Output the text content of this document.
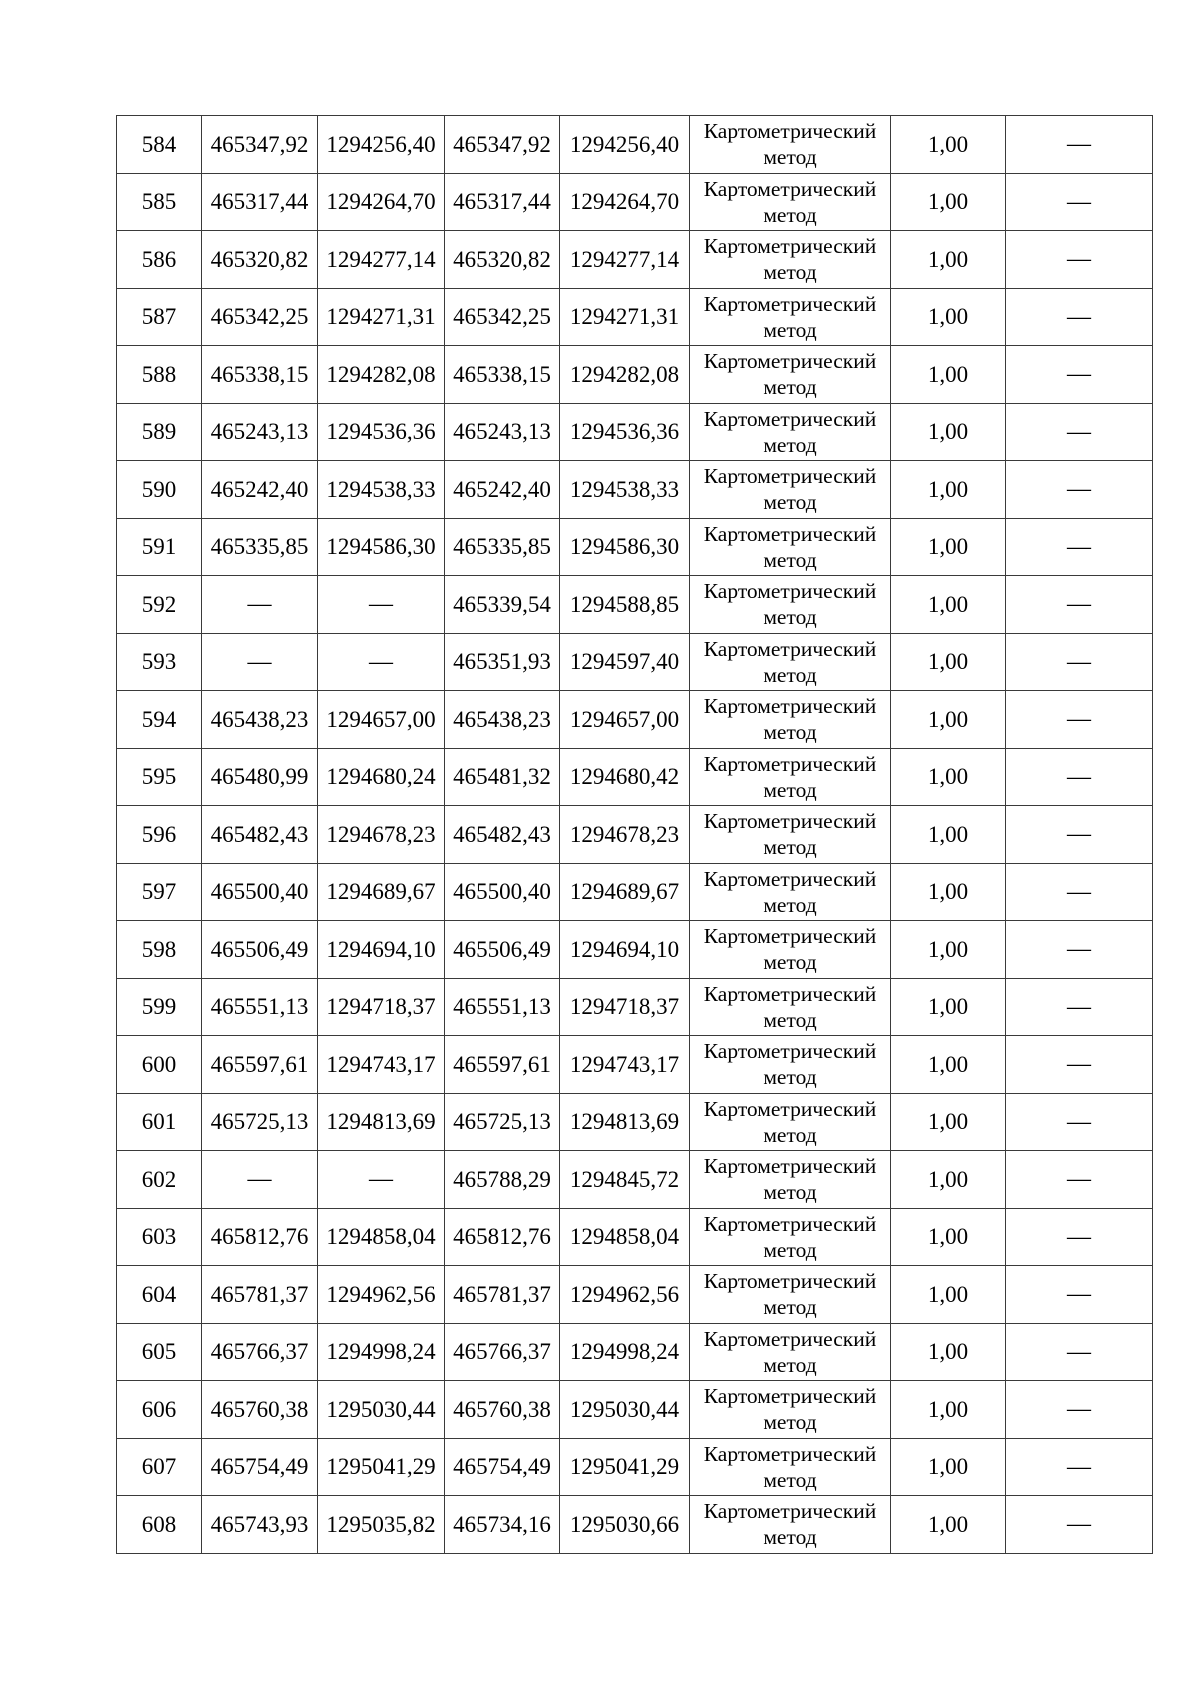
584	465347,92	1294256,40	465347,92	1294256,40	Картометрический
метод	1,00	—
585	465317,44	1294264,70	465317,44	1294264,70	Картометрический
метод	1,00	—
586	465320,82	1294277,14	465320,82	1294277,14	Картометрический
метод	1,00	—
587	465342,25	1294271,31	465342,25	1294271,31	Картометрический
метод	1,00	—
588	465338,15	1294282,08	465338,15	1294282,08	Картометрический
метод	1,00	—
589	465243,13	1294536,36	465243,13	1294536,36	Картометрический
метод	1,00	—
590	465242,40	1294538,33	465242,40	1294538,33	Картометрический
метод	1,00	—
591	465335,85	1294586,30	465335,85	1294586,30	Картометрический
метод	1,00	—
592	—	—	465339,54	1294588,85	Картометрический
метод	1,00	—
593	—	—	465351,93	1294597,40	Картометрический
метод	1,00	—
594	465438,23	1294657,00	465438,23	1294657,00	Картометрический
метод	1,00	—
595	465480,99	1294680,24	465481,32	1294680,42	Картометрический
метод	1,00	—
596	465482,43	1294678,23	465482,43	1294678,23	Картометрический
метод	1,00	—
597	465500,40	1294689,67	465500,40	1294689,67	Картометрический
метод	1,00	—
598	465506,49	1294694,10	465506,49	1294694,10	Картометрический
метод	1,00	—
599	465551,13	1294718,37	465551,13	1294718,37	Картометрический
метод	1,00	—
600	465597,61	1294743,17	465597,61	1294743,17	Картометрический
метод	1,00	—
601	465725,13	1294813,69	465725,13	1294813,69	Картометрический
метод	1,00	—
602	—	—	465788,29	1294845,72	Картометрический
метод	1,00	—
603	465812,76	1294858,04	465812,76	1294858,04	Картометрический
метод	1,00	—
604	465781,37	1294962,56	465781,37	1294962,56	Картометрический
метод	1,00	—
605	465766,37	1294998,24	465766,37	1294998,24	Картометрический
метод	1,00	—
606	465760,38	1295030,44	465760,38	1295030,44	Картометрический
метод	1,00	—
607	465754,49	1295041,29	465754,49	1295041,29	Картометрический
метод	1,00	—
608	465743,93	1295035,82	465734,16	1295030,66	Картометрический
метод	1,00	—
